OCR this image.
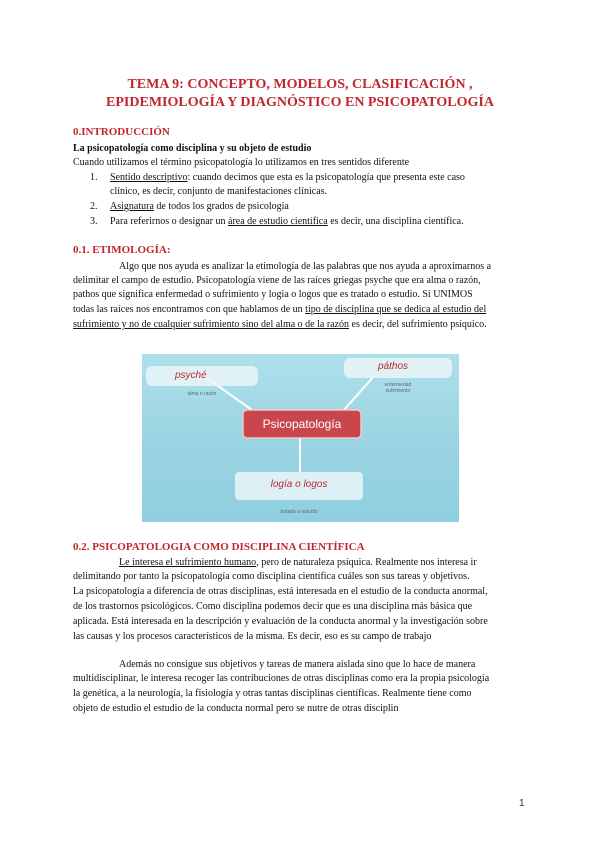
TEMA 9: CONCEPTO, MODELOS, CLASIFICACIÓN ,
EPIDEMIOLOGÍA Y DIAGNÓSTICO EN PSICOPATOLOGÍA
0.INTRODUCCIÓN
La psicopatología como disciplina y su objeto de estudio
Cuando utilizamos el término psicopatología lo utilizamos en tres sentidos diferente
1. Sentido descriptivo: cuando decimos que esta es la psicopatología que presenta este caso
clínico, es decir, conjunto de manifestaciones clínicas.
2. Asignatura de todos los grados de psicología
3. Para referirnos o designar un área de estudio científica es decir, una disciplina científica.
0.1. ETIMOLOGÍA:
Algo que nos ayuda es analizar la etimología de las palabras que nos ayuda a aproximarnos a
delimitar el campo de estudio. Psicopatología viene de las raíces griegas psyche que era alma o razón,
pathos que significa enfermedad o sufrimiento y logia o logos que es tratado o estudio. Si UNIMOS
todas las raíces nos encontramos con que hablamos de un tipo de disciplina que se dedica al estudio del
sufrimiento y no de cualquier sufrimiento sino del alma o de la razón es decir, del sufrimiento psíquico.
psyché
alma o razón
páthos
enfermedad
sufrimiento
Psicopatología
logía o logos
tratado o estudio
0.2. PSICOPATOLOGIA COMO DISCIPLINA CIENTÍFICA
Le interesa el sufrimiento humano, pero de naturaleza psíquica. Realmente nos interesa ir
delimitando por tanto la psicopatología como disciplina científica cuáles son sus tareas y objetivos.
La psicopatología a diferencia de otras disciplinas, está interesada en el estudio de la conducta anormal,
de los trastornos psicológicos. Como disciplina podemos decir que es una disciplina más básica que
aplicada. Está interesada en la descripción y evaluación de la conducta anormal y la investigación sobre
las causas y los procesos característicos de la misma. Es decir, eso es su campo de trabajo
Además no consigue sus objetivos y tareas de manera aislada sino que lo hace de manera
multidisciplinar, le interesa recoger las contribuciones de otras disciplinas como era la propia psicología
la genética, a la neurología, la fisiología y otras tantas disciplinas científicas. Realmente tiene como
objeto de estudio el estudio de la conducta normal pero se nutre de otras disciplin
1
